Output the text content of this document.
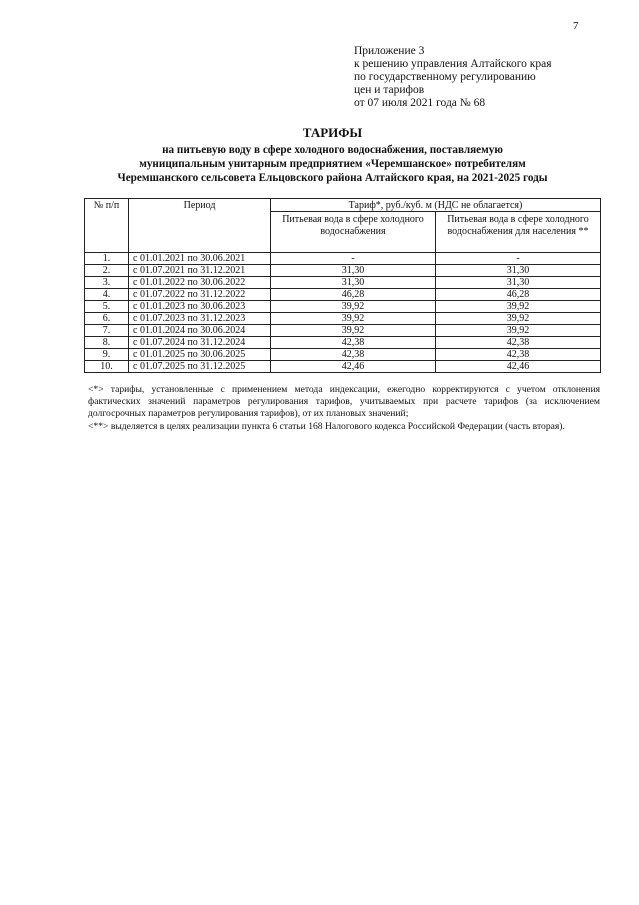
7
Приложение 3
к решению управления Алтайского края
по государственному регулированию
цен и тарифов
от 07 июля 2021 года № 68
ТАРИФЫ
на питьевую воду в сфере холодного водоснабжения, поставляемую
муниципальным унитарным предприятием «Черемшанское» потребителям
Черемшанского сельсовета Ельцовского района Алтайского края, на 2021-2025 годы
№ п/п	Период	Тариф*, руб./куб. м (НДС не облагается)	
		Питьевая вода в сфере холодного водоснабжения	Питьевая вода в сфере холодного водоснабжения для населения **
1.	с 01.01.2021 по 30.06.2021	-	-
2.	с 01.07.2021 по 31.12.2021	31,30	31,30
3.	с 01.01.2022 по 30.06.2022	31,30	31,30
4.	с 01.07.2022 по 31.12.2022	46,28	46,28
5.	с 01.01.2023 по 30.06.2023	39,92	39,92
6.	с 01.07.2023 по 31.12.2023	39,92	39,92
7.	с 01.01.2024 по 30.06.2024	39,92	39,92
8.	с 01.07.2024 по 31.12.2024	42,38	42,38
9.	с 01.01.2025 по 30.06.2025	42,38	42,38
10.	с 01.07.2025 по 31.12.2025	42,46	42,46

<*> тарифы, установленные с применением метода индексации, ежегодно корректируются с учетом отклонения фактических значений параметров регулирования тарифов, учитываемых при расчете тарифов (за исключением долгосрочных параметров регулирования тарифов), от их плановых значений;

<**> выделяется в целях реализации пункта 6 статьи 168 Налогового кодекса Российской Федерации (часть вторая).
